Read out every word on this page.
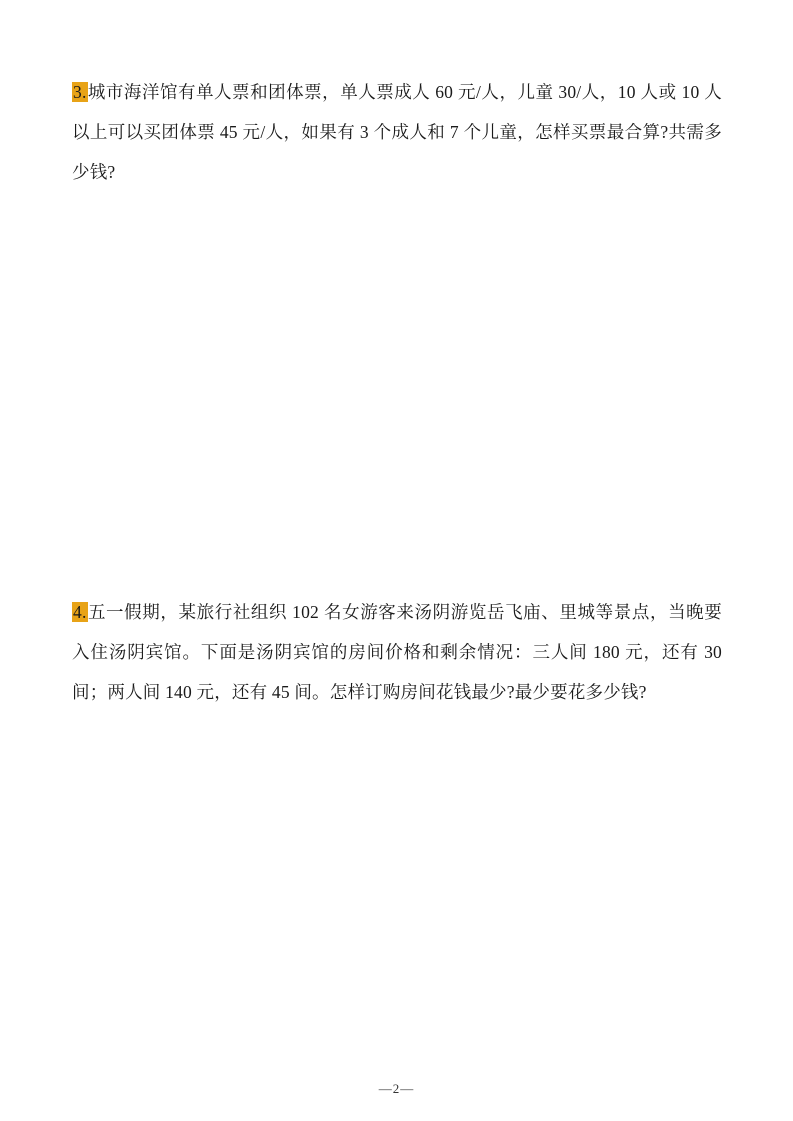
3.城市海洋馆有单人票和团体票，单人票成人 60 元/人，儿童 30/人，10 人或 10 人以上可以买团体票 45 元/人，如果有 3 个成人和 7 个儿童，怎样买票最合算?共需多少钱?
4.五一假期，某旅行社组织 102 名女游客来汤阴游览岳飞庙、里城等景点，当晚要入住汤阴宾馆。下面是汤阴宾馆的房间价格和剩余情况：三人间 180 元，还有 30 间；两人间 140 元，还有 45 间。怎样订购房间花钱最少?最少要花多少钱?
—2—
